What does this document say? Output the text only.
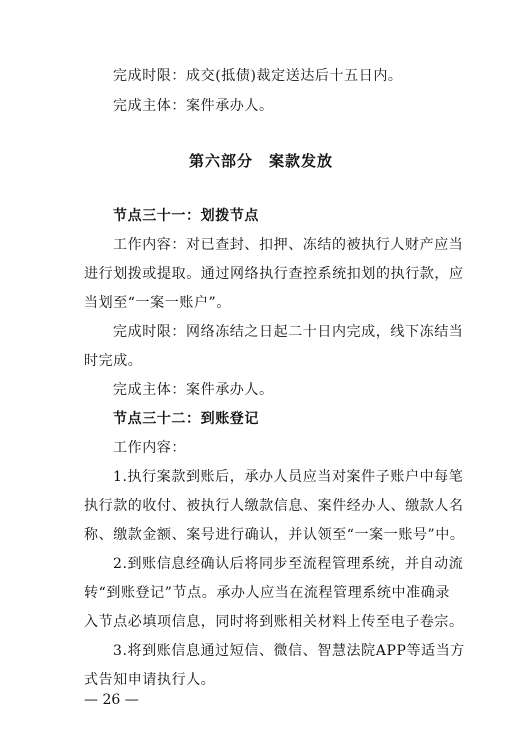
完成时限：成交(抵债)裁定送达后十五日内。
完成主体：案件承办人。
第六部分　案款发放
节点三十一：划拨节点
工作内容：对已查封、扣押、冻结的被执行人财产应当
进行划拨或提取。通过网络执行查控系统扣划的执行款，应
当划至“一案一账户”。
完成时限：网络冻结之日起二十日内完成，线下冻结当
时完成。
完成主体：案件承办人。
节点三十二：到账登记
工作内容：
1.执行案款到账后，承办人员应当对案件子账户中每笔
执行款的收付、被执行人缴款信息、案件经办人、缴款人名
称、缴款金额、案号进行确认，并认领至“一案一账号”中。
2.到账信息经确认后将同步至流程管理系统，并自动流
转“到账登记”节点。承办人应当在流程管理系统中准确录
入节点必填项信息，同时将到账相关材料上传至电子卷宗。
3.将到账信息通过短信、微信、智慧法院APP等适当方
式告知申请执行人。
— 26 —
